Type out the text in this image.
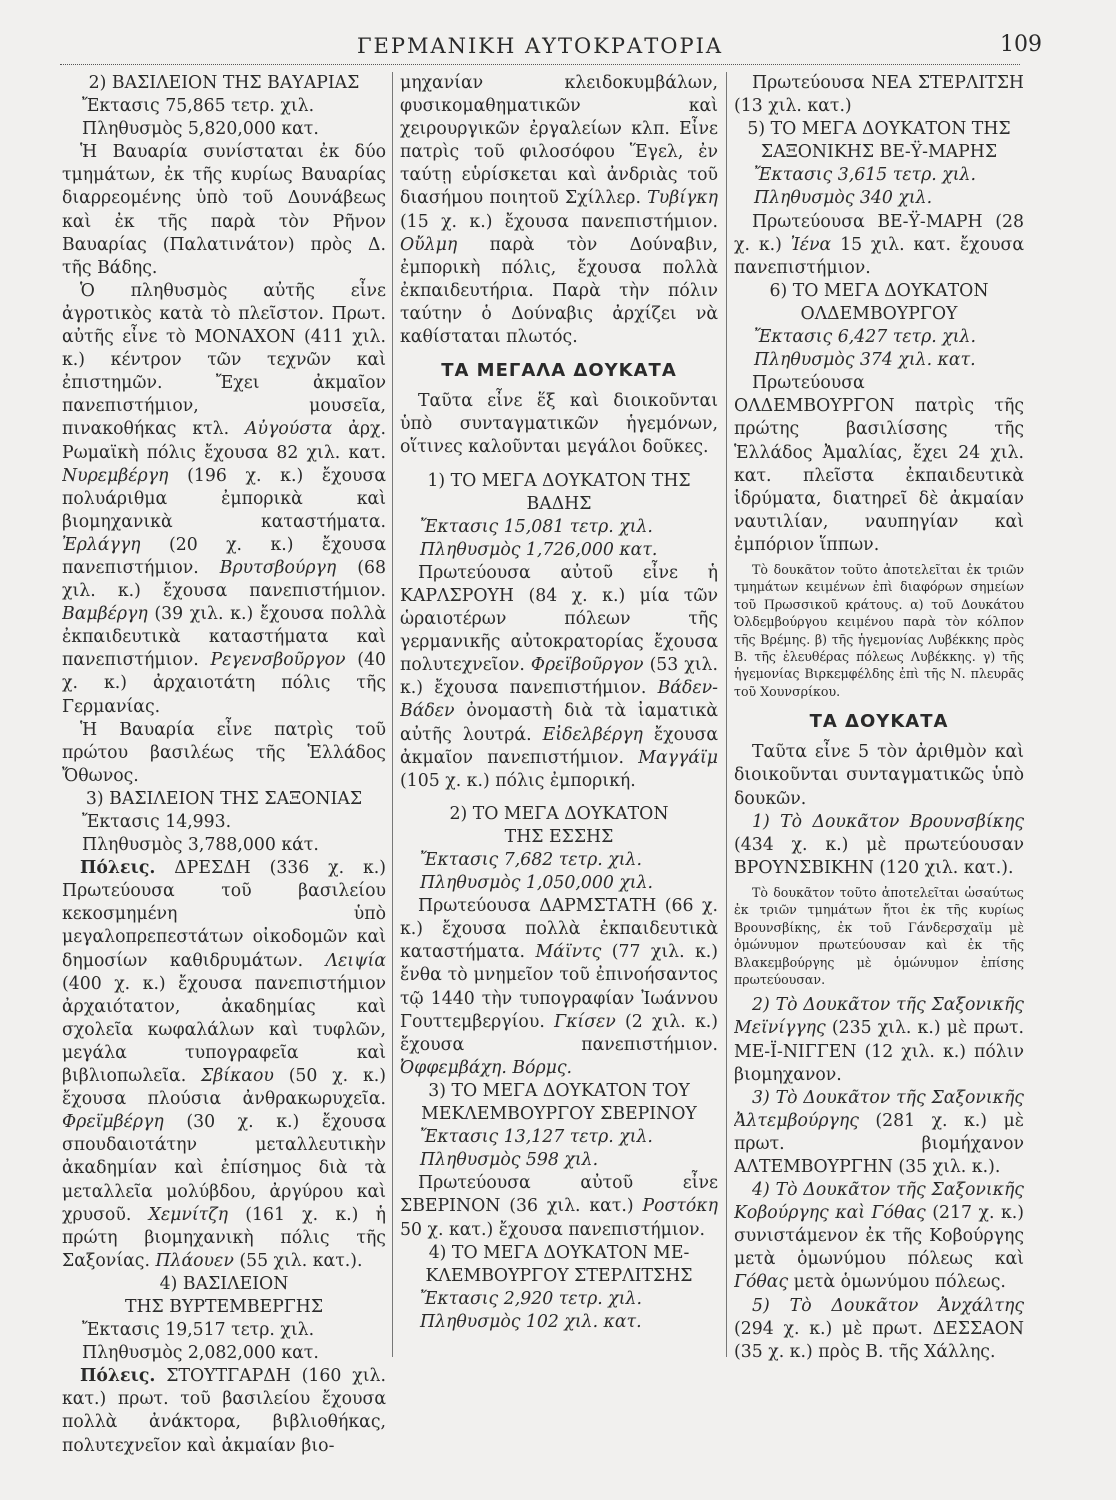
ΓΕΡΜΑΝΙΚΗ ΑΥΤΟΚΡΑΤΟΡΙΑ	109

2) ΒΑΣΙΛΕΙΟΝ ΤΗΣ ΒΑΥΑΡΙΑΣ

Ἔκτασις 75,865 τετρ. χιλ.

Πληθυσμὸς 5,820,000 κατ.

Ἡ Βαυαρία συνίσταται ἐκ δύο τμημάτων, ἐκ τῆς κυρίως Βαυαρίας διαρρεομένης ὑπὸ τοῦ Δουνάβεως καὶ ἐκ τῆς παρὰ τὸν Ρῆνον Βαυαρίας (Παλατινάτον) πρὸς Δ. τῆς Βάδης.

Ὁ πληθυσμὸς αὐτῆς εἶνε ἀγροτικὸς κατὰ τὸ πλεῖστον. Πρωτ. αὐτῆς εἶνε τὸ ΜΟΝΑΧΟΝ (411 χιλ. κ.) κέντρον τῶν τεχνῶν καὶ ἐπιστημῶν. Ἔχει ἀκμαῖον πανεπιστήμιον, μουσεῖα, πινακοθήκας κτλ. Αὐγούστα ἀρχ. Ρωμαϊκὴ πόλις ἔχουσα 82 χιλ. κατ. Νυρεμβέργη (196 χ. κ.) ἔχουσα πολυάριθμα ἐμπορικὰ καὶ βιομηχανικὰ καταστήματα. Ἐρλάγγη (20 χ. κ.) ἔχουσα πανεπιστήμιον. Βρυτσβούργη (68 χιλ. κ.) ἔχουσα πανεπιστήμιον. Βαμβέργη (39 χιλ. κ.) ἔχουσα πολλὰ ἐκπαιδευτικὰ καταστήματα καὶ πανεπιστήμιον. Ρεγενσβοῦργον (40 χ. κ.) ἀρχαιοτάτη πόλις τῆς Γερμανίας.

Ἡ Βαυαρία εἶνε πατρὶς τοῦ πρώτου βασιλέως τῆς Ἑλλάδος Ὄθωνος.

3) ΒΑΣΙΛΕΙΟΝ ΤΗΣ ΣΑΞΟΝΙΑΣ

Ἔκτασις 14,993.

Πληθυσμὸς 3,788,000 κάτ.

Πόλεις. ΔΡΕΣΔΗ (336 χ. κ.) Πρωτεύουσα τοῦ βασιλείου κεκοσμημένη ὑπὸ μεγαλοπρεπεστάτων οἰκοδομῶν καὶ δημοσίων καθιδρυμάτων. Λειψία (400 χ. κ.) ἔχουσα πανεπιστήμιον ἀρχαιότατον, ἀκαδημίας καὶ σχολεῖα κωφαλάλων καὶ τυφλῶν, μεγάλα τυπογραφεῖα καὶ βιβλιοπωλεῖα. Σβίκαου (50 χ. κ.) ἔχουσα πλούσια ἀνθρακωρυχεῖα. Φρεϊμβέργη (30 χ. κ.) ἔχουσα σπουδαιοτάτην μεταλλευτικὴν ἀκαδημίαν καὶ ἐπίσημος διὰ τὰ μεταλλεῖα μολύβδου, ἀργύρου καὶ χρυσοῦ. Χεμνίτζη (161 χ. κ.) ἡ πρώτη βιομηχανικὴ πόλις τῆς Σαξονίας. Πλάουεν (55 χιλ. κατ.).

4) ΒΑΣΙΛΕΙΟΝ

ΤΗΣ ΒΥΡΤΕΜΒΕΡΓΗΣ

Ἔκτασις 19,517 τετρ. χιλ.

Πληθυσμὸς 2,082,000 κατ.

Πόλεις. ΣΤΟΥΤΓΑΡΔΗ (160 χιλ. κατ.) πρωτ. τοῦ βασιλείου ἔχουσα πολλὰ ἀνάκτορα, βιβλιοθήκας, πολυτεχνεῖον καὶ ἀκμαίαν βιο-

μηχανίαν κλειδοκυμβάλων, φυσικομαθηματικῶν καὶ χειρουργικῶν ἐργαλείων κλπ. Εἶνε πατρὶς τοῦ φιλοσόφου Ἕγελ, ἐν ταύτῃ εὑρίσκεται καὶ ἀνδριὰς τοῦ διασήμου ποιητοῦ Σχίλλερ. Τυβίγκη (15 χ. κ.) ἔχουσα πανεπιστήμιον. Οὔλμη παρὰ τὸν Δούναβιν, ἐμπορικὴ πόλις, ἔχουσα πολλὰ ἐκπαιδευτήρια. Παρὰ τὴν πόλιν ταύτην ὁ Δούναβις ἀρχίζει νὰ καθίσταται πλωτός.

ΤΑ ΜΕΓΑΛΑ ΔΟΥΚΑΤΑ

Ταῦτα εἶνε ἕξ καὶ διοικοῦνται ὑπὸ συνταγματικῶν ἡγεμόνων, οἵτινες καλοῦνται μεγάλοι δοῦκες.

1) ΤΟ ΜΕΓΑ ΔΟΥΚΑΤΟΝ ΤΗΣ

ΒΑΔΗΣ

Ἔκτασις 15,081 τετρ. χιλ.

Πληθυσμὸς 1,726,000 κατ.

Πρωτεύουσα αὐτοῦ εἶνε ἡ ΚΑΡΛΣΡΟΥΗ (84 χ. κ.) μία τῶν ὡραιοτέρων πόλεων τῆς γερμανικῆς αὐτοκρατορίας ἔχουσα πολυτεχνεῖον. Φρεϊβοῦργον (53 χιλ. κ.) ἔχουσα πανεπιστήμιον. Βάδεν-Βάδεν ὀνομαστὴ διὰ τὰ ἰαματικὰ αὐτῆς λουτρά. Εἰδελβέργη ἔχουσα ἀκμαῖον πανεπιστήμιον. Μαγγάϊμ (105 χ. κ.) πόλις ἐμπορική.

2) ΤΟ ΜΕΓΑ ΔΟΥΚΑΤΟΝ

ΤΗΣ ΕΣΣΗΣ

Ἔκτασις 7,682 τετρ. χιλ.

Πληθυσμὸς 1,050,000 χιλ.

Πρωτεύουσα ΔΑΡΜΣΤΑΤΗ (66 χ. κ.) ἔχουσα πολλὰ ἐκπαιδευτικὰ καταστήματα. Μάϊντς (77 χιλ. κ.) ἔνθα τὸ μνημεῖον τοῦ ἐπινοήσαντος τῷ 1440 τὴν τυπογραφίαν Ἰωάννου Γουττεμβεργίου. Γκίσεν (2 χιλ. κ.) ἔχουσα πανεπιστήμιον. Ὀφφεμβάχη. Βόρμς.

3) ΤΟ ΜΕΓΑ ΔΟΥΚΑΤΟΝ ΤΟΥ

ΜΕΚΛΕΜΒΟΥΡΓΟΥ ΣΒΕΡΙΝΟΥ

Ἔκτασις 13,127 τετρ. χιλ.

Πληθυσμὸς 598 χιλ.

Πρωτεύουσα αὐτοῦ εἶνε ΣΒΕΡΙΝΟΝ (36 χιλ. κατ.) Ροστόκη 50 χ. κατ.) ἔχουσα πανεπιστήμιον.

4) ΤΟ ΜΕΓΑ ΔΟΥΚΑΤΟΝ ΜΕ-

ΚΛΕΜΒΟΥΡΓΟΥ ΣΤΕΡΛΙΤΣΗΣ

Ἔκτασις 2,920 τετρ. χιλ.

Πληθυσμὸς 102 χιλ. κατ.

Πρωτεύουσα ΝΕΑ ΣΤΕΡΛΙΤΣΗ (13 χιλ. κατ.)

5) ΤΟ ΜΕΓΑ ΔΟΥΚΑΤΟΝ ΤΗΣ

ΣΑΞΟΝΙΚΗΣ ΒΕ-Ϋ-ΜΑΡΗΣ

Ἔκτασις 3,615 τετρ. χιλ.

Πληθυσμὸς 340 χιλ.

Πρωτεύουσα ΒΕ-Ϋ-ΜΑΡΗ (28 χ. κ.) Ἰένα 15 χιλ. κατ. ἔχουσα πανεπιστήμιον.

6) ΤΟ ΜΕΓΑ ΔΟΥΚΑΤΟΝ

ΟΛΔΕΜΒΟΥΡΓΟΥ

Ἔκτασις 6,427 τετρ. χιλ.

Πληθυσμὸς 374 χιλ. κατ.

Πρωτεύουσα ΟΛΔΕΜΒΟΥΡΓΟΝ πατρὶς τῆς πρώτης βασιλίσσης τῆς Ἑλλάδος Ἀμαλίας, ἔχει 24 χιλ. κατ. πλεῖστα ἐκπαιδευτικὰ ἱδρύματα, διατηρεῖ δὲ ἀκμαίαν ναυτιλίαν, ναυπηγίαν καὶ ἐμπόριον ἵππων.

Τὸ δουκᾶτον τοῦτο ἀποτελεῖται ἐκ τριῶν τμημάτων κειμένων ἐπὶ διαφόρων σημείων τοῦ Πρωσσικοῦ κράτους. α) τοῦ Δουκάτου Ὀλδεμβούργου κειμένου παρὰ τὸν κόλπον τῆς Βρέμης. β) τῆς ἡγεμονίας Λυβέκκης πρὸς Β. τῆς ἐλευθέρας πόλεως Λυβέκκης. γ) τῆς ἡγεμονίας Βιρκεμφέλδης ἐπὶ τῆς Ν. πλευρᾶς τοῦ Χουνσρίκου.

ΤΑ ΔΟΥΚΑΤΑ

Ταῦτα εἶνε 5 τὸν ἀριθμὸν καὶ διοικοῦνται συνταγματικῶς ὑπὸ δουκῶν.

1) Τὸ Δουκᾶτον Βρουνσβίκης (434 χ. κ.) μὲ πρωτεύουσαν ΒΡΟΥΝΣΒΙΚΗΝ (120 χιλ. κατ.).

Τὸ δουκᾶτον τοῦτο ἀποτελεῖται ὡσαύτως ἐκ τριῶν τμημάτων ἤτοι ἐκ τῆς κυρίως Βρουνσβίκης, ἐκ τοῦ Γάνδερσχαϊμ μὲ ὁμώνυμον πρωτεύουσαν καὶ ἐκ τῆς Βλακεμβούργης μὲ ὁμώνυμον ἐπίσης πρωτεύουσαν.

2) Τὸ Δουκᾶτον τῆς Σαξονικῆς Μεϊνίγγης (235 χιλ. κ.) μὲ πρωτ. ΜΕ-Ϊ-ΝΙΓΓΕΝ (12 χιλ. κ.) πόλιν βιομηχανον.

3) Τὸ Δουκᾶτον τῆς Σαξονικῆς Ἀλτεμβούργης (281 χ. κ.) μὲ πρωτ. βιομήχανον ΑΛΤΕΜΒΟΥΡΓΗΝ (35 χιλ. κ.).

4) Τὸ Δουκᾶτον τῆς Σαξονικῆς Κοβούργης καὶ Γόθας (217 χ. κ.) συνιστάμενον ἐκ τῆς Κοβούργης μετὰ ὁμωνύμου πόλεως καὶ Γόθας μετὰ ὁμωνύμου πόλεως.

5) Τὸ Δουκᾶτον Ἀνχάλτης (294 χ. κ.) μὲ πρωτ. ΔΕΣΣΑΟΝ (35 χ. κ.) πρὸς Β. τῆς Χάλλης.
